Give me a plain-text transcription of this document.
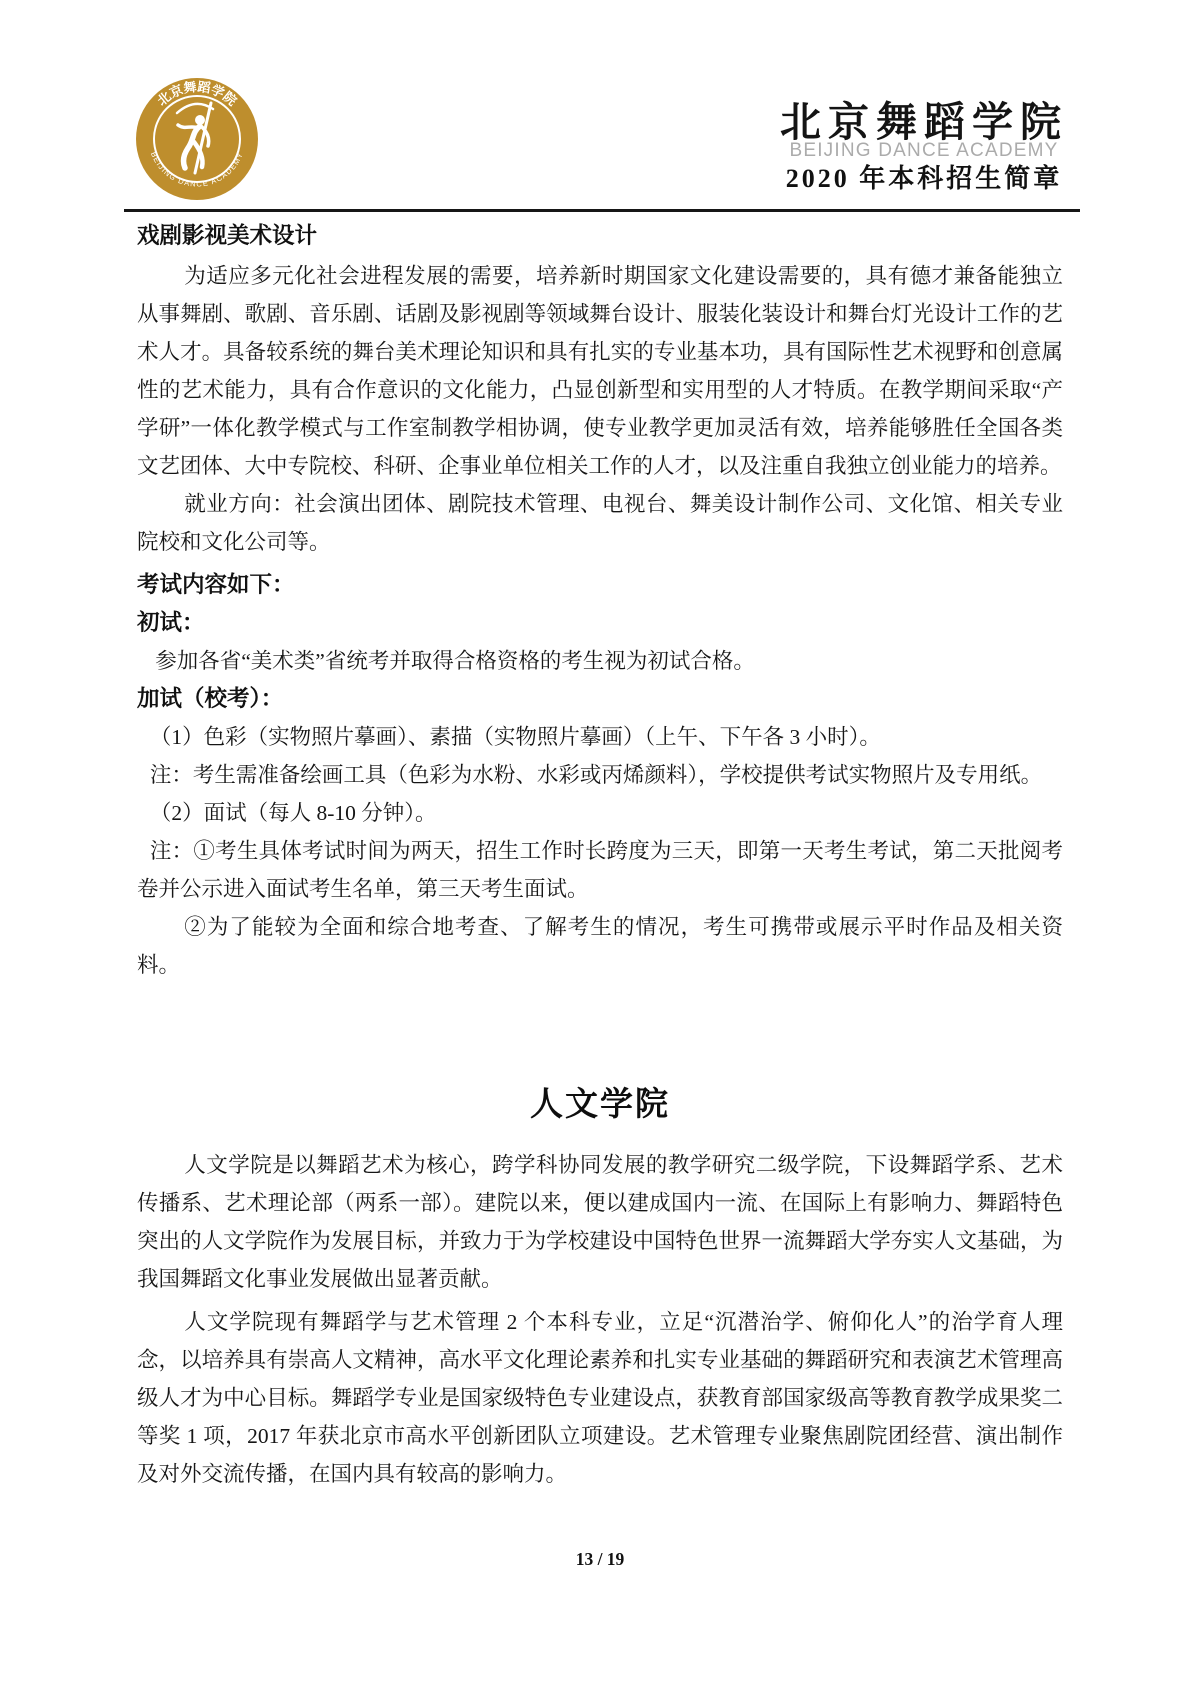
北京舞蹈学院
BEIJING DANCE ACADEMY
北京舞蹈学院
BEIJING DANCE ACADEMY
2020 年本科招生简章
戏剧影视美术设计

为适应多元化社会进程发展的需要，培养新时期国家文化建设需要的，具有德才兼备能独立从事舞剧、歌剧、音乐剧、话剧及影视剧等领域舞台设计、服装化装设计和舞台灯光设计工作的艺术人才。具备较系统的舞台美术理论知识和具有扎实的专业基本功，具有国际性艺术视野和创意属性的艺术能力，具有合作意识的文化能力，凸显创新型和实用型的人才特质。在教学期间采取“产学研”一体化教学模式与工作室制教学相协调，使专业教学更加灵活有效，培养能够胜任全国各类文艺团体、大中专院校、科研、企事业单位相关工作的人才，以及注重自我独立创业能力的培养。

就业方向：社会演出团体、剧院技术管理、电视台、舞美设计制作公司、文化馆、相关专业院校和文化公司等。

考试内容如下：
初试：

参加各省“美术类”省统考并取得合格资格的考生视为初试合格。

加试（校考）：

（1）色彩（实物照片摹画）、素描（实物照片摹画）（上午、下午各 3 小时）。

注：考生需准备绘画工具（色彩为水粉、水彩或丙烯颜料），学校提供考试实物照片及专用纸。

（2）面试（每人 8-10 分钟）。

注：①考生具体考试时间为两天，招生工作时长跨度为三天，即第一天考生考试，第二天批阅考卷并公示进入面试考生名单，第三天考生面试。

②为了能较为全面和综合地考查、了解考生的情况，考生可携带或展示平时作品及相关资料。

人文学院

人文学院是以舞蹈艺术为核心，跨学科协同发展的教学研究二级学院，下设舞蹈学系、艺术传播系、艺术理论部（两系一部）。建院以来，便以建成国内一流、在国际上有影响力、舞蹈特色突出的人文学院作为发展目标，并致力于为学校建设中国特色世界一流舞蹈大学夯实人文基础，为我国舞蹈文化事业发展做出显著贡献。

人文学院现有舞蹈学与艺术管理 2 个本科专业，立足“沉潜治学、俯仰化人”的治学育人理念，以培养具有崇高人文精神，高水平文化理论素养和扎实专业基础的舞蹈研究和表演艺术管理高级人才为中心目标。舞蹈学专业是国家级特色专业建设点，获教育部国家级高等教育教学成果奖二等奖 1 项，2017 年获北京市高水平创新团队立项建设。艺术管理专业聚焦剧院团经营、演出制作及对外交流传播，在国内具有较高的影响力。

13 / 19
